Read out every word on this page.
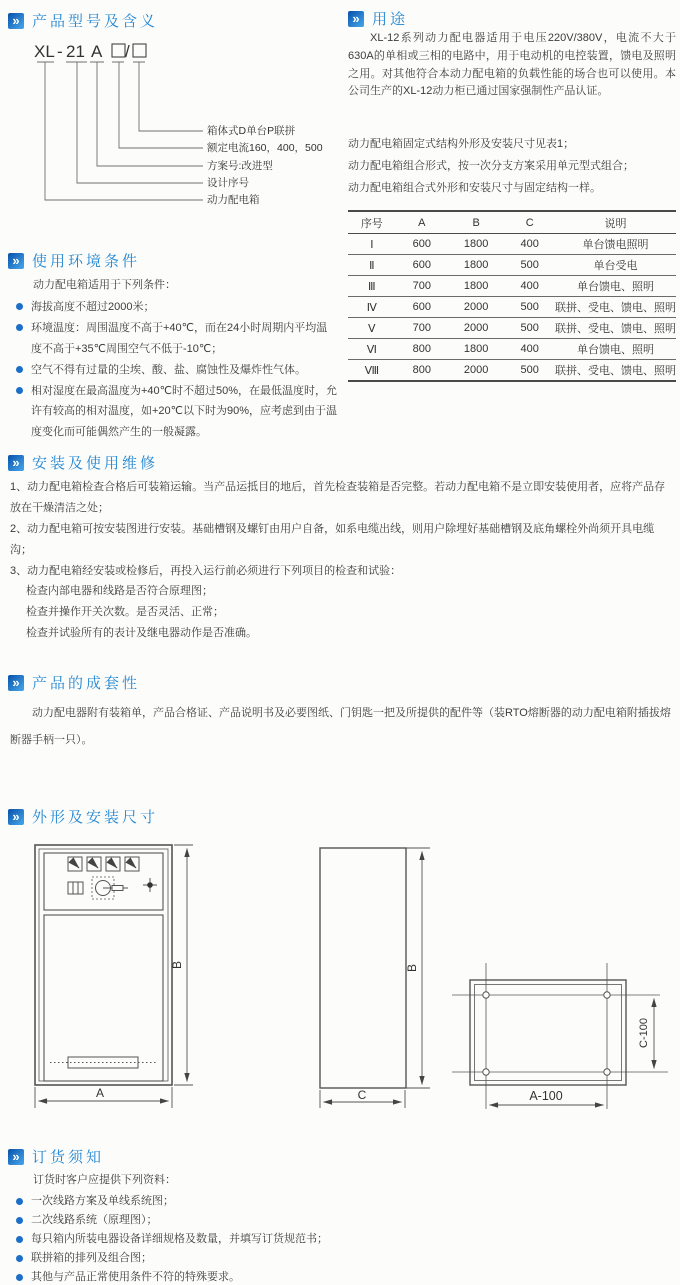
» 产品型号及含义
XL - 21 A /
箱体式D单台P联拼
额定电流160，400，500
方案号:改进型
设计序号
动力配电箱
» 用途

XL-12系列动力配电器适用于电压220V/380V，电流不大于630A的单相或三相的电路中，用于电动机的电控装置，馈电及照明之用。对其他符合本动力配电箱的负载性能的场合也可以使用。本公司生产的XL-12动力柜已通过国家强制性产品认证。

动力配电箱固定式结构外形及安装尺寸见表1；

动力配电箱组合形式，按一次分支方案采用单元型式组合；

动力配电箱组合式外形和安装尺寸与固定结构一样。

序号	A	B	C	说明
Ⅰ	600	1800	400	单台馈电照明
Ⅱ	600	1800	500	单台受电
Ⅲ	700	1800	400	单台馈电、照明
Ⅳ	600	2000	500	联拼、受电、馈电、照明
Ⅴ	700	2000	500	联拼、受电、馈电、照明
Ⅵ	800	1800	400	单台馈电、照明
Ⅷ	800	2000	500	联拼、受电、馈电、照明
» 使用环境条件

动力配电箱适用于下列条件：

海拔高度不超过2000米；
环境温度：周围温度不高于+40℃，而在24小时周期内平均温度不高于+35℃周围空气不低于-10℃；
空气不得有过量的尘埃、酸、盐、腐蚀性及爆炸性气体。
相对湿度在最高温度为+40℃时不超过50%，在最低温度时，允许有较高的相对温度，如+20℃以下时为90%，应考虑到由于温度变化而可能偶然产生的一般凝露。
» 安装及使用维修

1、动力配电箱检查合格后可装箱运输。当产品运抵目的地后，首先检查装箱是否完整。若动力配电箱不是立即安装使用者，应将产品存放在干燥清洁之处；

2、动力配电箱可按安装图进行安装。基础槽钢及螺钉由用户自备，如系电缆出线，则用户除埋好基础槽钢及底角螺栓外尚须开具电缆沟；

3、动力配电箱经安装或检修后，再投入运行前必须进行下列项目的检查和试验：

检查内部电器和线路是否符合原理图；

检查并操作开关次数。是否灵活、正常；

检查并试验所有的表计及继电器动作是否准确。

» 产品的成套性

动力配电器附有装箱单，产品合格证、产品说明书及必要图纸、门钥匙一把及所提供的配件等（装RTO熔断器的动力配电箱附插拔熔断器手柄一只）。

» 外形及安装尺寸
B
A
B
C
C-100
A-100
» 订货须知

订货时客户应提供下列资料：

一次线路方案及单线系统图；
二次线路系统（原理图）；
每只箱内所装电器设备详细规格及数量，并填写订货规范书；
联拼箱的排列及组合图；
其他与产品正常使用条件不符的特殊要求。
